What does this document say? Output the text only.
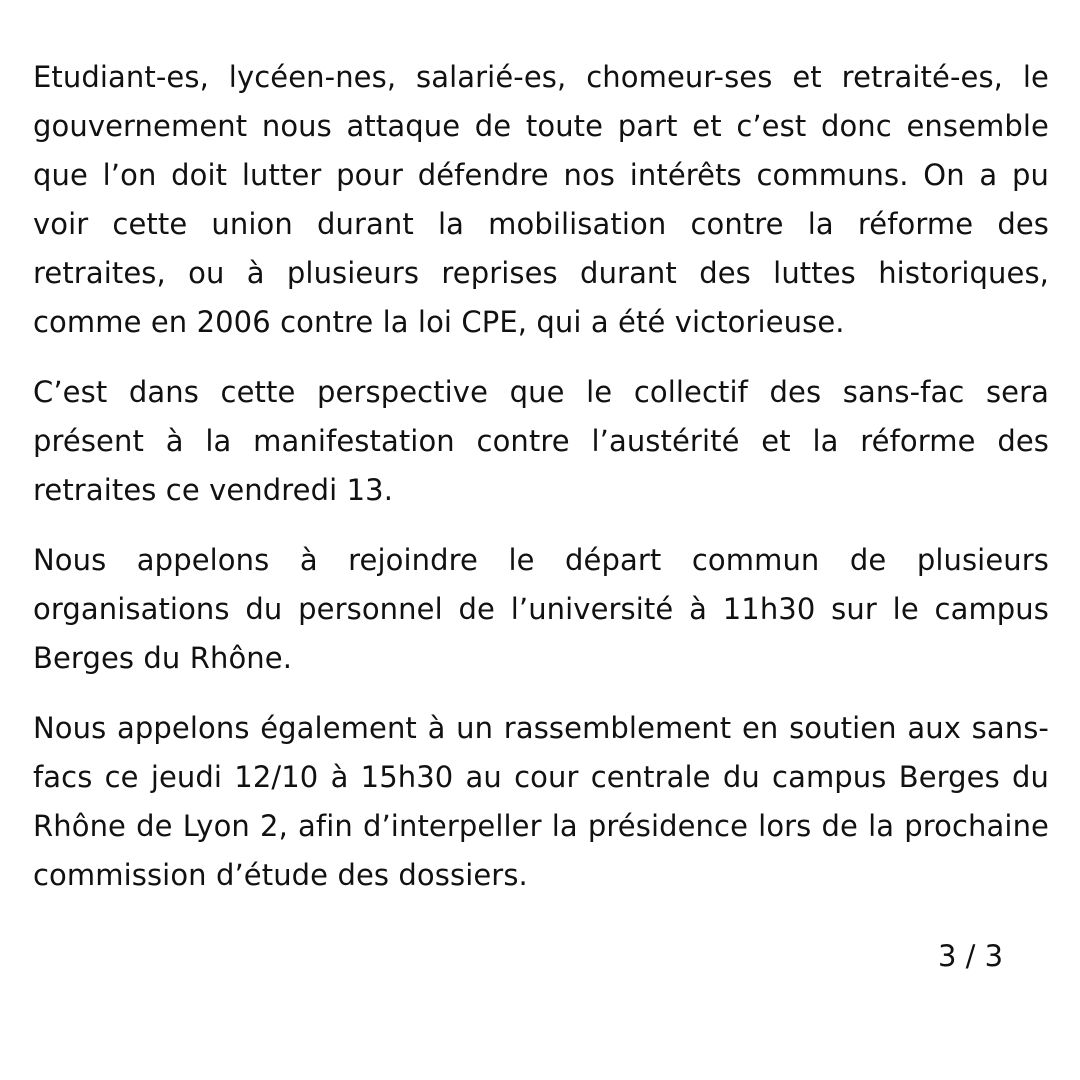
Etudiant-es, lycéen-nes, salarié-es, chomeur-ses et retraité-es, le gouvernement nous attaque de toute part et c’est donc ensemble que l’on doit lutter pour défendre nos intérêts communs. On a pu voir cette union durant la mobilisation contre la réforme des retraites, ou à plusieurs reprises durant des luttes historiques, comme en 2006 contre la loi CPE, qui a été victorieuse.

C’est dans cette perspective que le collectif des sans-fac sera présent à la manifestation contre l’austérité et la réforme des retraites ce vendredi 13.

Nous appelons à rejoindre le départ commun de plusieurs organisations du personnel de l’université à 11h30 sur le campus Berges du Rhône.

Nous appelons également à un rassemblement en soutien aux sans-facs ce jeudi 12/10 à 15h30 au cour centrale du campus Berges du Rhône de Lyon 2, afin d’interpeller la présidence lors de la prochaine commission d’étude des dossiers.

3 / 3
